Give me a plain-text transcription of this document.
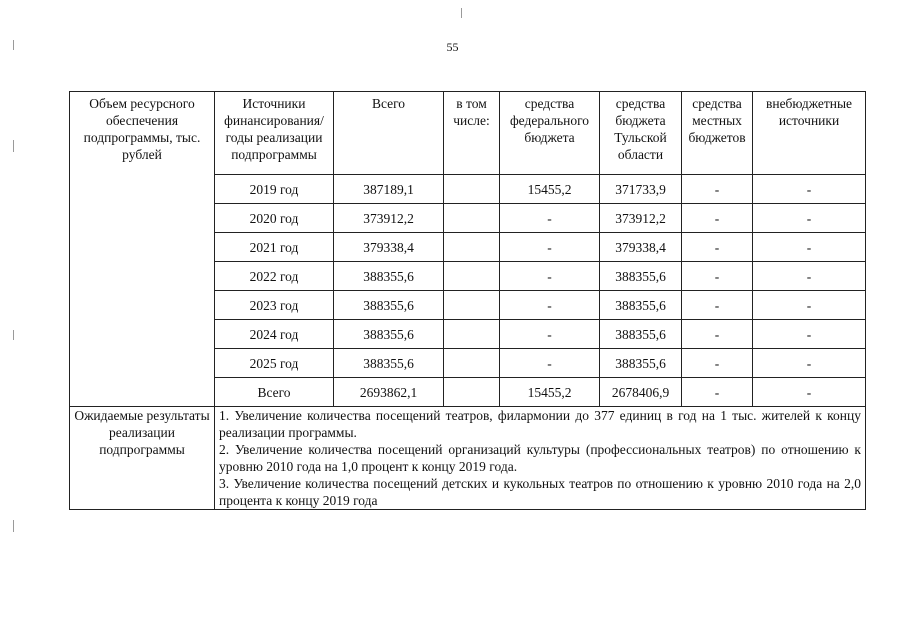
55
Объем ресурсного обеспечения подпрограммы, тыс. рублей	Источники финансирования/ годы реализации подпрограммы	Всего	в том числе:	средства федерального бюджета	средства бюджета Тульской области	средства местных бюджетов	внебюджетные источники
	2019 год	387189,1		15455,2	371733,9	-	-
	2020 год	373912,2		-	373912,2	-	-
	2021 год	379338,4		-	379338,4	-	-
	2022 год	388355,6		-	388355,6	-	-
	2023 год	388355,6		-	388355,6	-	-
	2024 год	388355,6		-	388355,6	-	-
	2025 год	388355,6		-	388355,6	-	-
	Всего	2693862,1		15455,2	2678406,9	-	-
Ожидаемые результаты реализации подпрограммы	1. Увеличение количества посещений театров, филармонии до 377 единиц в год на 1 тыс. жителей к концу реализации программы.

2. Увеличение количества посещений организаций культуры (профессиональных театров) по отношению к уровню 2010 года на 1,0 процент к концу 2019 года.

3. Увеличение количества посещений детских и кукольных театров по отношению к уровню 2010 года на 2,0 процента к концу 2019 года						
